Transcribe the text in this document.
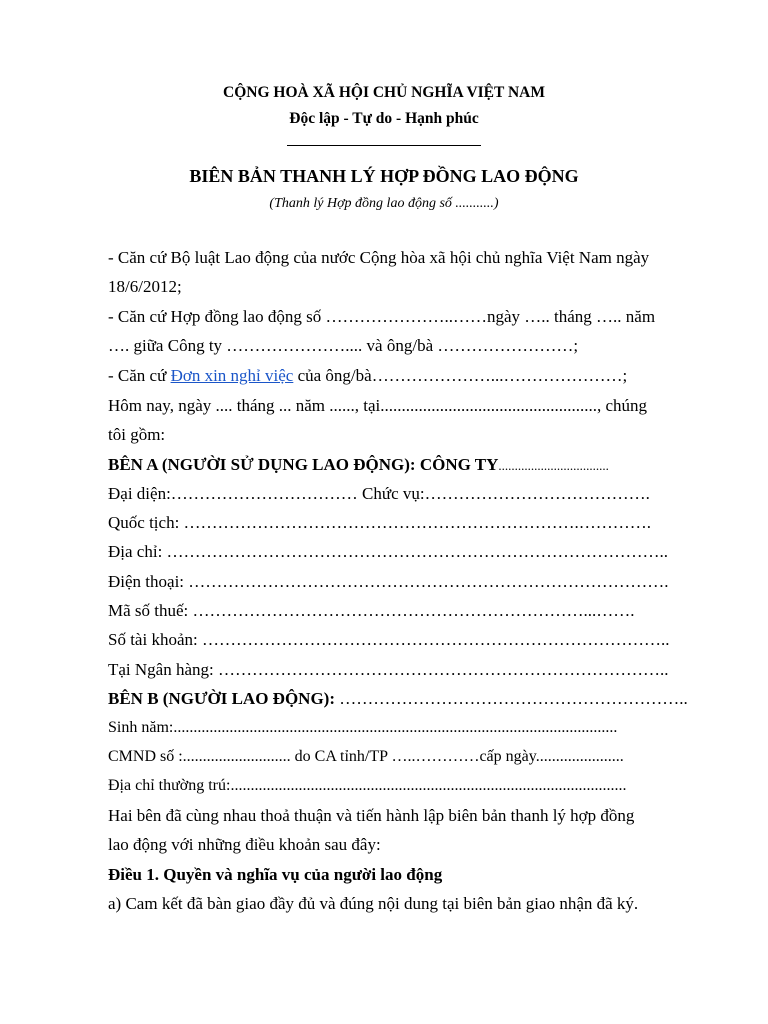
CỘNG HOÀ XÃ HỘI CHỦ NGHĨA VIỆT NAM
Độc lập - Tự do - Hạnh phúc
BIÊN BẢN THANH LÝ HỢP ĐỒNG LAO ĐỘNG
(Thanh lý Hợp đồng lao động số ...........)
- Căn cứ Bộ luật Lao động của nước Cộng hòa xã hội chủ nghĩa Việt Nam ngày
18/6/2012;
- Căn cứ Hợp đồng lao động số …………………..……ngày ….. tháng ….. năm
…. giữa Công ty ………………….... và ông/bà ……………………;
- Căn cứ Đơn xin nghỉ việc của ông/bà…………………...…………………;
Hôm nay, ngày .... tháng ... năm ......, tại..................................................., chúng
tôi gồm:
BÊN A (NGƯỜI SỬ DỤNG LAO ĐỘNG): CÔNG TY..................................
Đại diện:…………………………… Chức vụ:………………………………….
Quốc tịch: …………………………………………………………….………….
Địa chỉ: ……………………………………………………………………………..
Điện thoại: ………………………………………………………………………….
Mã số thuế: ……………………………………………………………...…….
Số tài khoản: ………………………………………………………………………..
Tại Ngân hàng: ……………………………………………………………………..
BÊN B (NGƯỜI LAO ĐỘNG): ……………………………………………………..
Sinh năm:...............................................................................................................
CMND số :........................... do CA tỉnh/TP …..…………cấp ngày......................
Địa chỉ thường trú:...................................................................................................
Hai bên đã cùng nhau thoả thuận và tiến hành lập biên bản thanh lý hợp đồng
lao động với những điều khoản sau đây:
Điều 1. Quyền và nghĩa vụ của người lao động
a) Cam kết đã bàn giao đầy đủ và đúng nội dung tại biên bản giao nhận đã ký.
